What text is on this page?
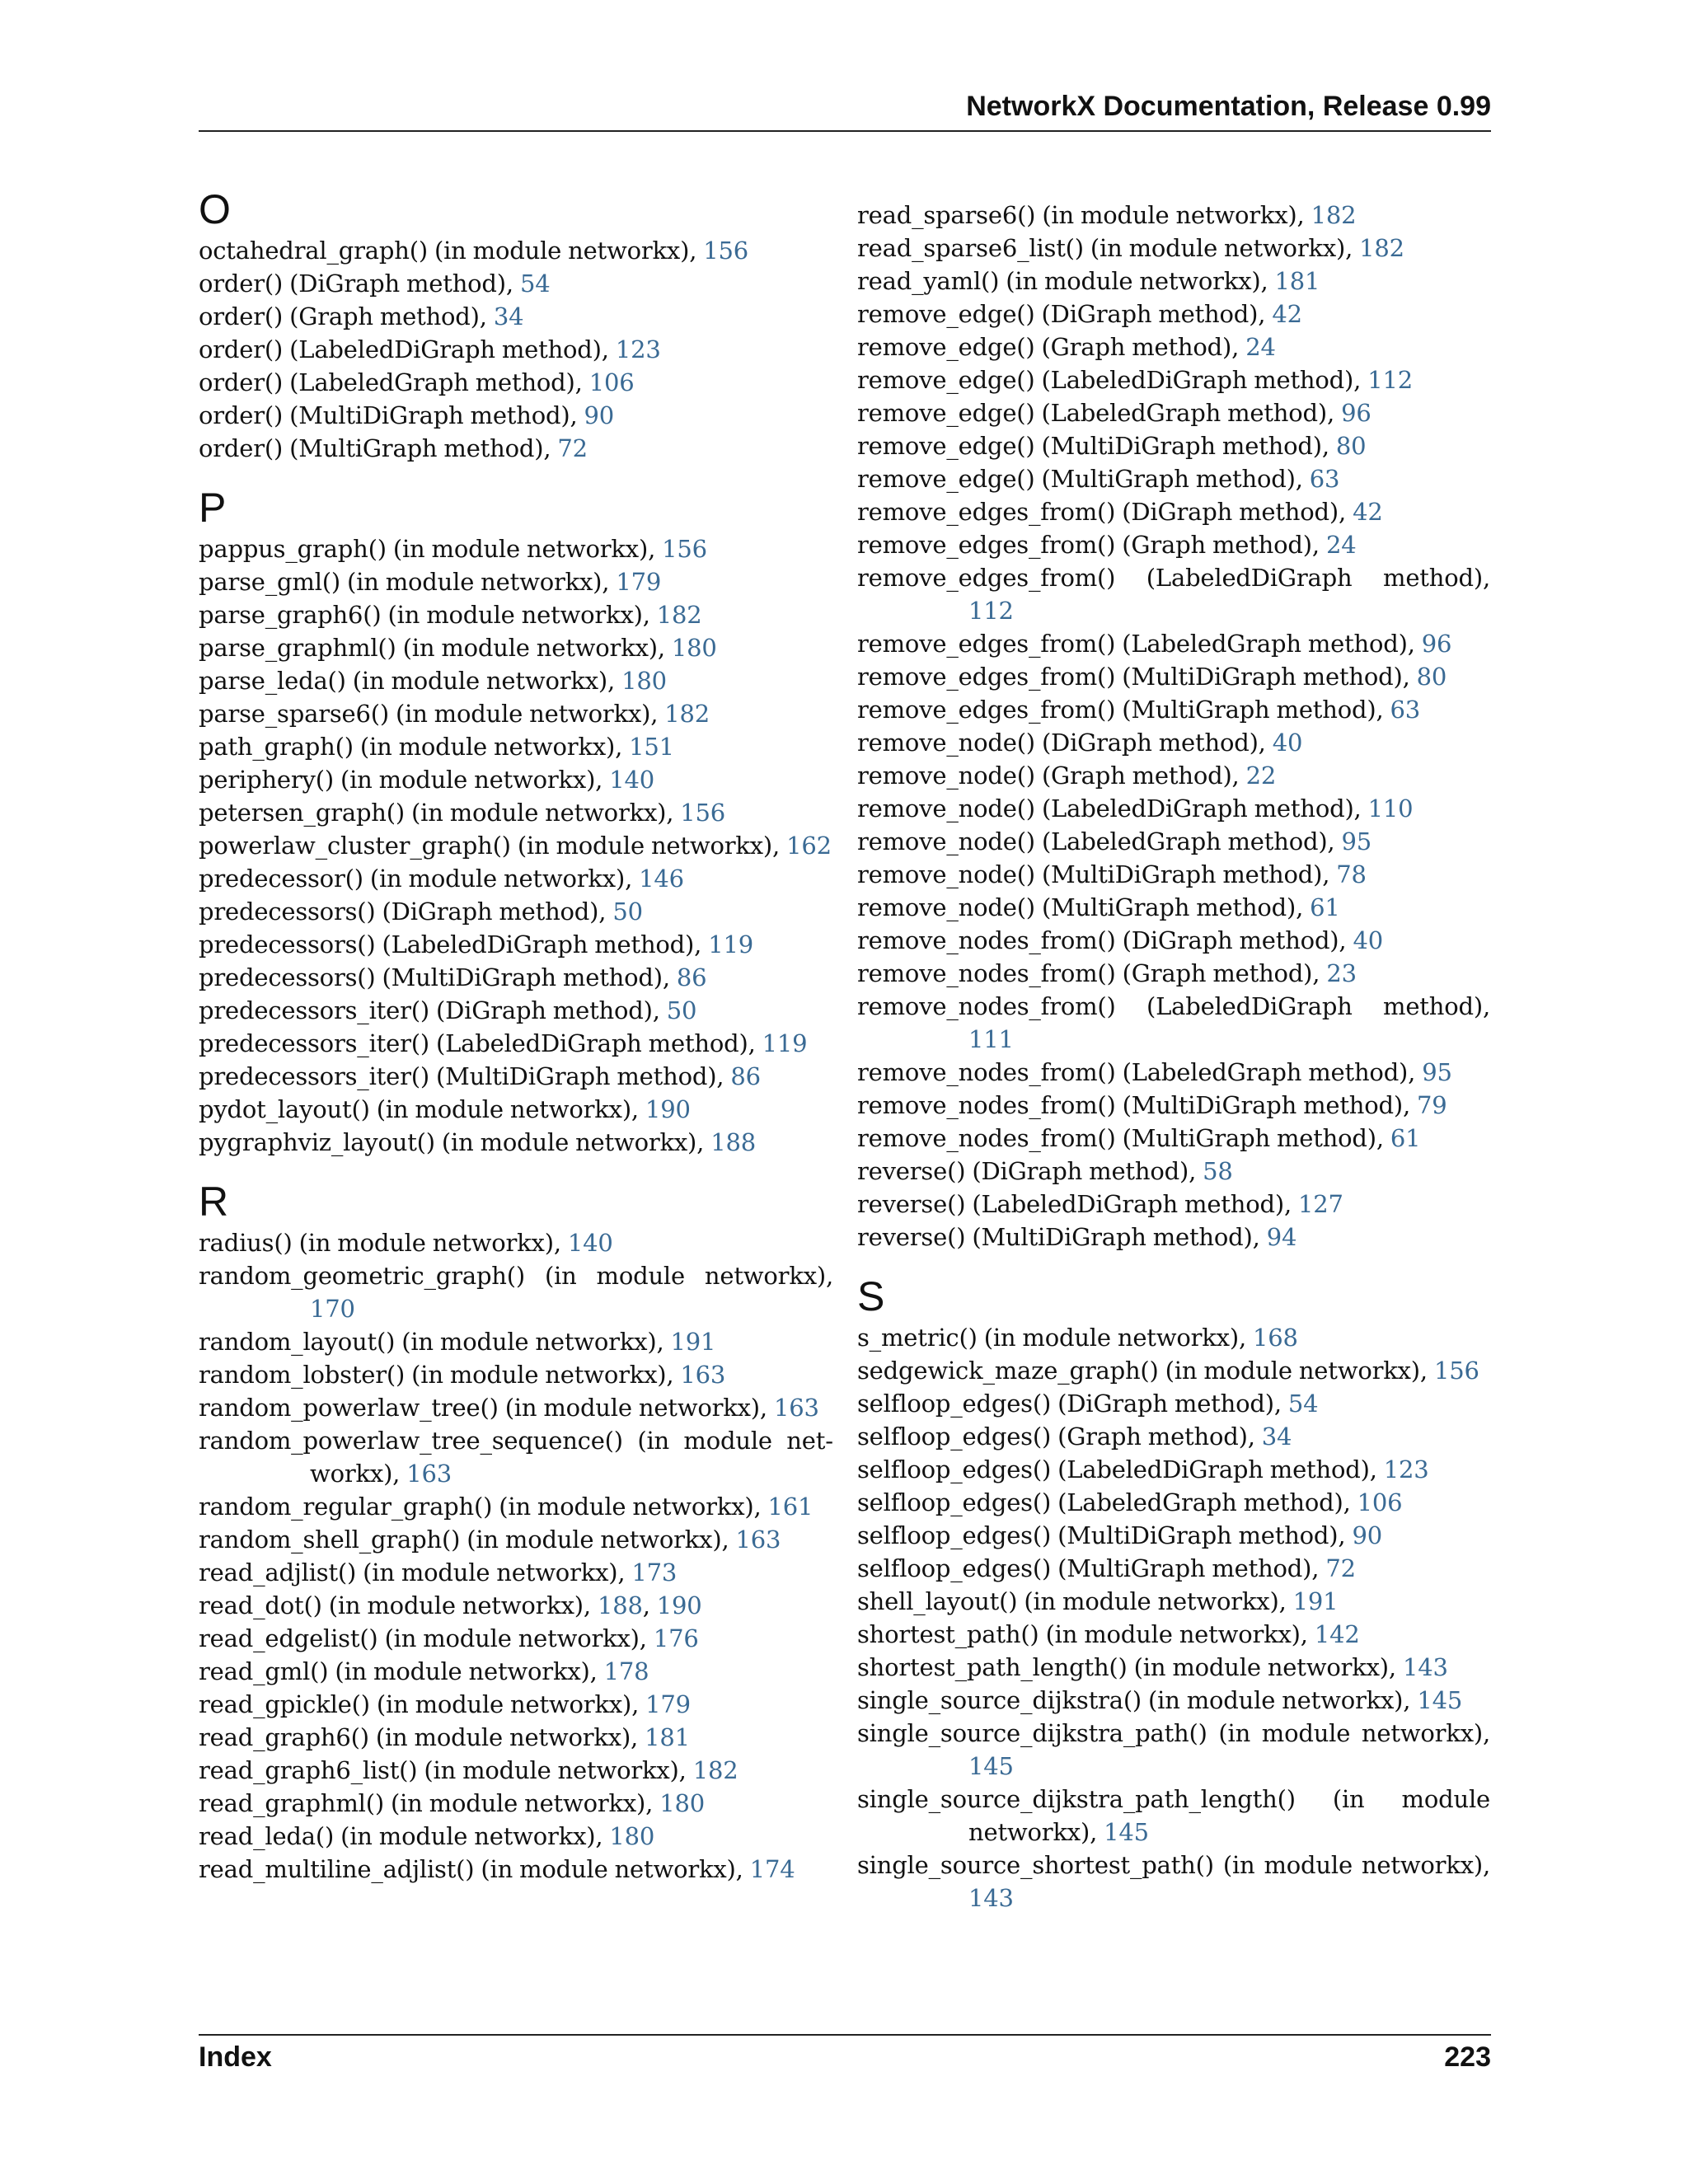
NetworkX Documentation, Release 0.99
O
octahedral_graph() (in module networkx), 156
order() (DiGraph method), 54
order() (Graph method), 34
order() (LabeledDiGraph method), 123
order() (LabeledGraph method), 106
order() (MultiDiGraph method), 90
order() (MultiGraph method), 72
P
pappus_graph() (in module networkx), 156
parse_gml() (in module networkx), 179
parse_graph6() (in module networkx), 182
parse_graphml() (in module networkx), 180
parse_leda() (in module networkx), 180
parse_sparse6() (in module networkx), 182
path_graph() (in module networkx), 151
periphery() (in module networkx), 140
petersen_graph() (in module networkx), 156
powerlaw_cluster_graph() (in module networkx), 162
predecessor() (in module networkx), 146
predecessors() (DiGraph method), 50
predecessors() (LabeledDiGraph method), 119
predecessors() (MultiDiGraph method), 86
predecessors_iter() (DiGraph method), 50
predecessors_iter() (LabeledDiGraph method), 119
predecessors_iter() (MultiDiGraph method), 86
pydot_layout() (in module networkx), 190
pygraphviz_layout() (in module networkx), 188
R
radius() (in module networkx), 140
random_geometric_graph() (in module networkx), 170
random_layout() (in module networkx), 191
random_lobster() (in module networkx), 163
random_powerlaw_tree() (in module networkx), 163
random_powerlaw_tree_sequence() (in module networkx), 163
random_regular_graph() (in module networkx), 161
random_shell_graph() (in module networkx), 163
read_adjlist() (in module networkx), 173
read_dot() (in module networkx), 188, 190
read_edgelist() (in module networkx), 176
read_gml() (in module networkx), 178
read_gpickle() (in module networkx), 179
read_graph6() (in module networkx), 181
read_graph6_list() (in module networkx), 182
read_graphml() (in module networkx), 180
read_leda() (in module networkx), 180
read_multiline_adjlist() (in module networkx), 174
read_sparse6() (in module networkx), 182
read_sparse6_list() (in module networkx), 182
read_yaml() (in module networkx), 181
remove_edge() (DiGraph method), 42
remove_edge() (Graph method), 24
remove_edge() (LabeledDiGraph method), 112
remove_edge() (LabeledGraph method), 96
remove_edge() (MultiDiGraph method), 80
remove_edge() (MultiGraph method), 63
remove_edges_from() (DiGraph method), 42
remove_edges_from() (Graph method), 24
remove_edges_from() (LabeledDiGraph method), 112
remove_edges_from() (LabeledGraph method), 96
remove_edges_from() (MultiDiGraph method), 80
remove_edges_from() (MultiGraph method), 63
remove_node() (DiGraph method), 40
remove_node() (Graph method), 22
remove_node() (LabeledDiGraph method), 110
remove_node() (LabeledGraph method), 95
remove_node() (MultiDiGraph method), 78
remove_node() (MultiGraph method), 61
remove_nodes_from() (DiGraph method), 40
remove_nodes_from() (Graph method), 23
remove_nodes_from() (LabeledDiGraph method), 111
remove_nodes_from() (LabeledGraph method), 95
remove_nodes_from() (MultiDiGraph method), 79
remove_nodes_from() (MultiGraph method), 61
reverse() (DiGraph method), 58
reverse() (LabeledDiGraph method), 127
reverse() (MultiDiGraph method), 94
S
s_metric() (in module networkx), 168
sedgewick_maze_graph() (in module networkx), 156
selfloop_edges() (DiGraph method), 54
selfloop_edges() (Graph method), 34
selfloop_edges() (LabeledDiGraph method), 123
selfloop_edges() (LabeledGraph method), 106
selfloop_edges() (MultiDiGraph method), 90
selfloop_edges() (MultiGraph method), 72
shell_layout() (in module networkx), 191
shortest_path() (in module networkx), 142
shortest_path_length() (in module networkx), 143
single_source_dijkstra() (in module networkx), 145
single_source_dijkstra_path() (in module networkx), 145
single_source_dijkstra_path_length() (in module networkx), 145
single_source_shortest_path() (in module networkx), 143
Index	223
